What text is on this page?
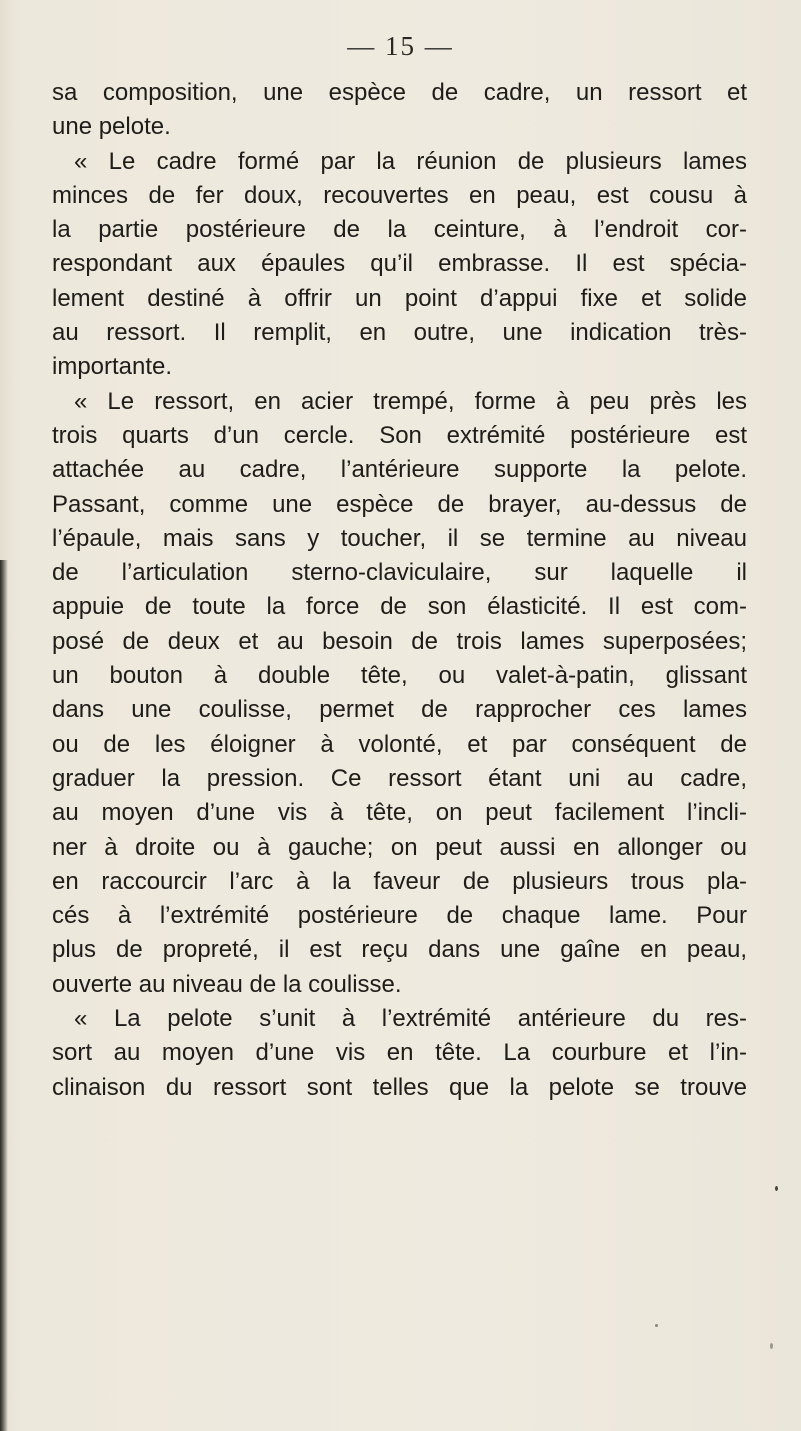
— 15 —
sa composition, une espèce de cadre, un ressort et
une pelote.
« Le cadre formé par la réunion de plusieurs lames
minces de fer doux, recouvertes en peau, est cousu à
la partie postérieure de la ceinture, à l’endroit cor-
respondant aux épaules qu’il embrasse. Il est spécia-
lement destiné à offrir un point d’appui fixe et solide
au ressort. Il remplit, en outre, une indication très-
importante.
« Le ressort, en acier trempé, forme à peu près les
trois quarts d’un cercle. Son extrémité postérieure est
attachée au cadre, l’antérieure supporte la pelote.
Passant, comme une espèce de brayer, au-dessus de
l’épaule, mais sans y toucher, il se termine au niveau
de l’articulation sterno-claviculaire, sur laquelle il
appuie de toute la force de son élasticité. Il est com-
posé de deux et au besoin de trois lames superposées;
un bouton à double tête, ou valet-à-patin, glissant
dans une coulisse, permet de rapprocher ces lames
ou de les éloigner à volonté, et par conséquent de
graduer la pression. Ce ressort étant uni au cadre,
au moyen d’une vis à tête, on peut facilement l’incli-
ner à droite ou à gauche; on peut aussi en allonger ou
en raccourcir l’arc à la faveur de plusieurs trous pla-
cés à l’extrémité postérieure de chaque lame. Pour
plus de propreté, il est reçu dans une gaîne en peau,
ouverte au niveau de la coulisse.
« La pelote s’unit à l’extrémité antérieure du res-
sort au moyen d’une vis en tête. La courbure et l’in-
clinaison du ressort sont telles que la pelote se trouve
